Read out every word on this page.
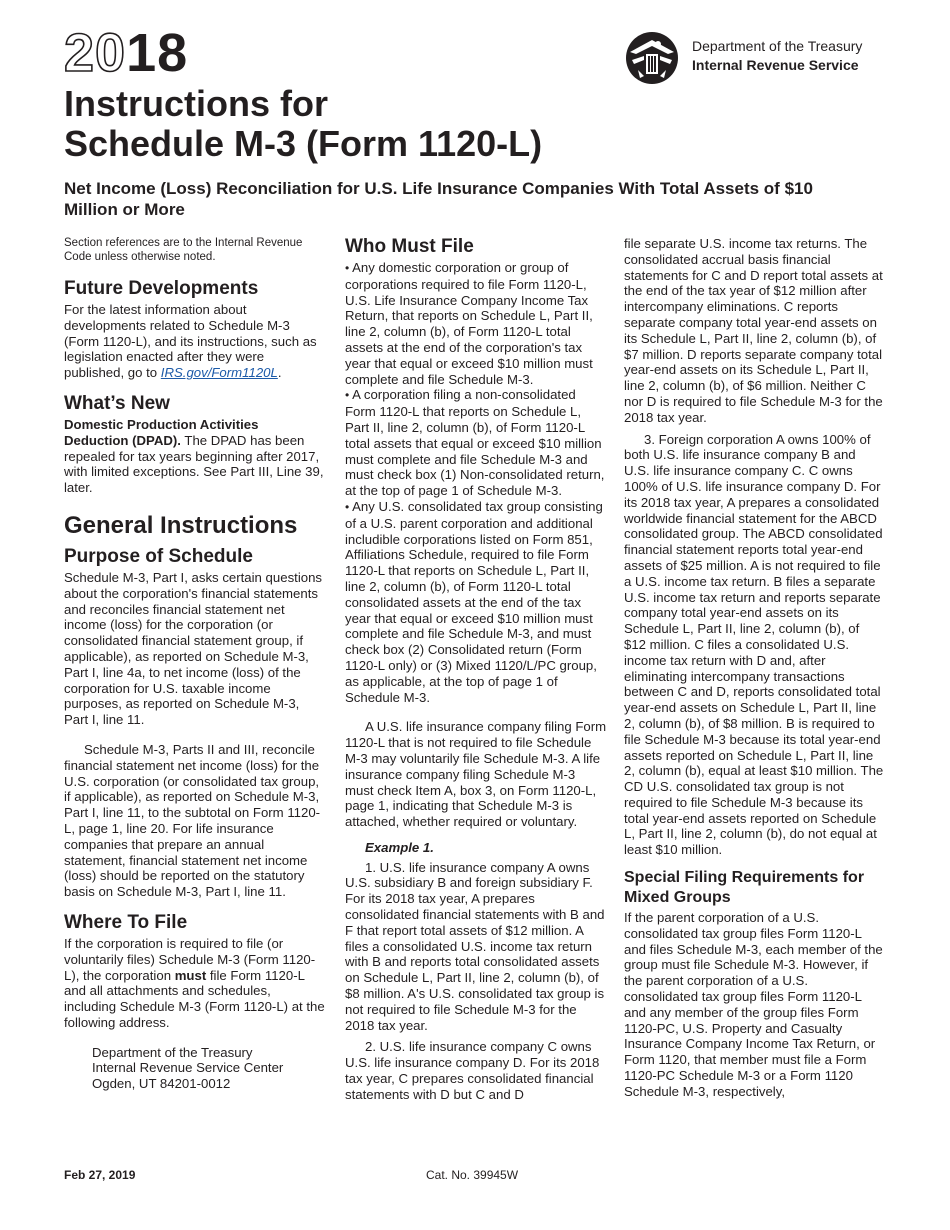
2018
Instructions for
Schedule M-3 (Form 1120-L)
Net Income (Loss) Reconciliation for U.S. Life Insurance Companies With Total Assets of $10 Million or More
Department of the Treasury
Internal Revenue Service

Section references are to the Internal Revenue Code unless otherwise noted.

Future Developments

For the latest information about developments related to Schedule M-3 (Form 1120-L), and its instructions, such as legislation enacted after they were published, go to IRS.gov/Form1120L.

What’s New

Domestic Production Activities Deduction (DPAD). The DPAD has been repealed for tax years beginning after 2017, with limited exceptions. See Part III, Line 39, later.

General Instructions
Purpose of Schedule

Schedule M-3, Part I, asks certain questions about the corporation's financial statements and reconciles financial statement net income (loss) for the corporation (or consolidated financial statement group, if applicable), as reported on Schedule M-3, Part I, line 4a, to net income (loss) of the corporation for U.S. taxable income purposes, as reported on Schedule M-3, Part I, line 11.

Schedule M-3, Parts II and III, reconcile financial statement net income (loss) for the U.S. corporation (or consolidated tax group, if applicable), as reported on Schedule M-3, Part I, line 11, to the subtotal on Form 1120-L, page 1, line 20. For life insurance companies that prepare an annual statement, financial statement net income (loss) should be reported on the statutory basis on Schedule M-3, Part I, line 11.

Where To File

If the corporation is required to file (or voluntarily files) Schedule M-3 (Form 1120-L), the corporation must file Form 1120-L and all attachments and schedules, including Schedule M-3 (Form 1120-L) at the following address.

Department of the Treasury
Internal Revenue Service Center
Ogden, UT 84201-0012
Who Must File

• Any domestic corporation or group of corporations required to file Form 1120-L, U.S. Life Insurance Company Income Tax Return, that reports on Schedule L, Part II, line 2, column (b), of Form 1120-L total assets at the end of the corporation's tax year that equal or exceed $10 million must complete and file Schedule M-3.

• A corporation filing a non-consolidated Form 1120-L that reports on Schedule L, Part II, line 2, column (b), of Form 1120-L total assets that equal or exceed $10 million must complete and file Schedule M-3 and must check box (1) Non-consolidated return, at the top of page 1 of Schedule M-3.

• Any U.S. consolidated tax group consisting of a U.S. parent corporation and additional includible corporations listed on Form 851, Affiliations Schedule, required to file Form 1120-L that reports on Schedule L, Part II, line 2, column (b), of Form 1120-L total consolidated assets at the end of the tax year that equal or exceed $10 million must complete and file Schedule M-3, and must check box (2) Consolidated return (Form 1120-L only) or (3) Mixed 1120/L/PC group, as applicable, at the top of page 1 of Schedule M-3.

A U.S. life insurance company filing Form 1120-L that is not required to file Schedule M-3 may voluntarily file Schedule M-3. A life insurance company filing Schedule M-3 must check Item A, box 3, on Form 1120-L, page 1, indicating that Schedule M-3 is attached, whether required or voluntary.

Example 1.

1. U.S. life insurance company A owns U.S. subsidiary B and foreign subsidiary F. For its 2018 tax year, A prepares consolidated financial statements with B and F that report total assets of $12 million. A files a consolidated U.S. income tax return with B and reports total consolidated assets on Schedule L, Part II, line 2, column (b), of $8 million. A's U.S. consolidated tax group is not required to file Schedule M-3 for the 2018 tax year.

2. U.S. life insurance company C owns U.S. life insurance company D. For its 2018 tax year, C prepares consolidated financial statements with D but C and D

file separate U.S. income tax returns. The consolidated accrual basis financial statements for C and D report total assets at the end of the tax year of $12 million after intercompany eliminations. C reports separate company total year-end assets on its Schedule L, Part II, line 2, column (b), of $7 million. D reports separate company total year-end assets on its Schedule L, Part II, line 2, column (b), of $6 million. Neither C nor D is required to file Schedule M-3 for the 2018 tax year.

3. Foreign corporation A owns 100% of both U.S. life insurance company B and U.S. life insurance company C. C owns 100% of U.S. life insurance company D. For its 2018 tax year, A prepares a consolidated worldwide financial statement for the ABCD consolidated group. The ABCD consolidated financial statement reports total year-end assets of $25 million. A is not required to file a U.S. income tax return. B files a separate U.S. income tax return and reports separate company total year-end assets on its Schedule L, Part II, line 2, column (b), of $12 million. C files a consolidated U.S. income tax return with D and, after eliminating intercompany transactions between C and D, reports consolidated total year-end assets on Schedule L, Part II, line 2, column (b), of $8 million. B is required to file Schedule M-3 because its total year-end assets reported on Schedule L, Part II, line 2, column (b), equal at least $10 million. The CD U.S. consolidated tax group is not required to file Schedule M-3 because its total year-end assets reported on Schedule L, Part II, line 2, column (b), do not equal at least $10 million.

Special Filing Requirements for Mixed Groups

If the parent corporation of a U.S. consolidated tax group files Form 1120-L and files Schedule M-3, each member of the group must file Schedule M-3. However, if the parent corporation of a U.S. consolidated tax group files Form 1120-L and any member of the group files Form 1120-PC, U.S. Property and Casualty Insurance Company Income Tax Return, or Form 1120, that member must file a Form 1120-PC Schedule M-3 or a Form 1120 Schedule M-3, respectively,

Feb 27, 2019	Cat. No. 39945W
